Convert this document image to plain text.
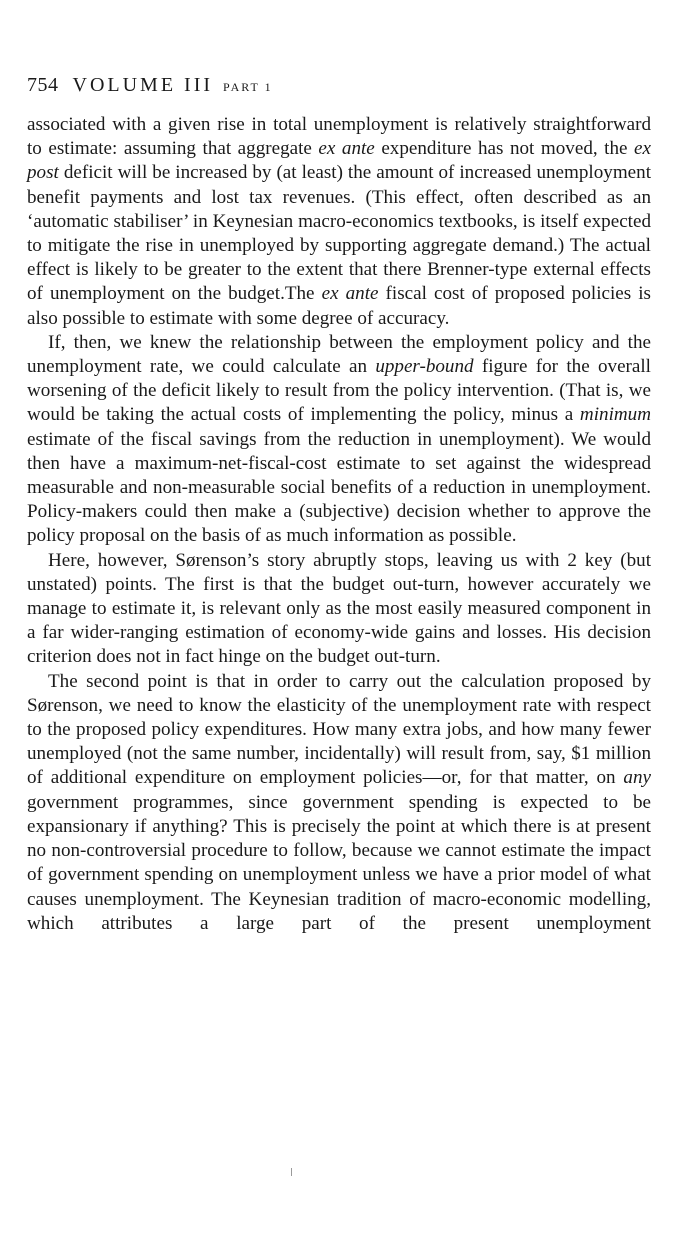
754 VOLUME III PART 1

associated with a given rise in total unemployment is relatively straightforward to estimate: assuming that aggregate ex ante expenditure has not moved, the ex post deficit will be increased by (at least) the amount of increased unemployment benefit payments and lost tax revenues. (This effect, often described as an ‘automatic stabiliser’ in Keynesian macro-economics textbooks, is itself expected to mitigate the rise in unemployed by supporting aggregate demand.) The actual effect is likely to be greater to the extent that there Brenner-type external effects of unemployment on the budget.The ex ante fiscal cost of proposed policies is also possible to estimate with some degree of accuracy.

If, then, we knew the relationship between the employment policy and the unemployment rate, we could calculate an upper-bound figure for the overall worsening of the deficit likely to result from the policy intervention. (That is, we would be taking the actual costs of implementing the policy, minus a minimum estimate of the fiscal savings from the reduction in unemployment). We would then have a maximum-net-fiscal-cost estimate to set against the widespread measurable and non-measurable social benefits of a reduction in unemployment. Policy-makers could then make a (subjective) decision whether to approve the policy proposal on the basis of as much information as possible.

Here, however, Sørenson’s story abruptly stops, leaving us with 2 key (but unstated) points. The first is that the budget out-turn, however accurately we manage to estimate it, is relevant only as the most easily measured component in a far wider-ranging estimation of economy-wide gains and losses. His decision criterion does not in fact hinge on the budget out-turn.

The second point is that in order to carry out the calculation proposed by Sørenson, we need to know the elasticity of the unemployment rate with respect to the proposed policy expenditures. How many extra jobs, and how many fewer unemployed (not the same number, incidentally) will result from, say, $1 million of additional expenditure on employment policies—or, for that matter, on any government programmes, since government spending is expected to be expansionary if anything? This is precisely the point at which there is at present no non-controversial procedure to follow, because we cannot estimate the impact of government spending on unemployment unless we have a prior model of what causes unemployment. The Keynesian tradition of macro-economic modelling, which attributes a large part of the present unemployment
